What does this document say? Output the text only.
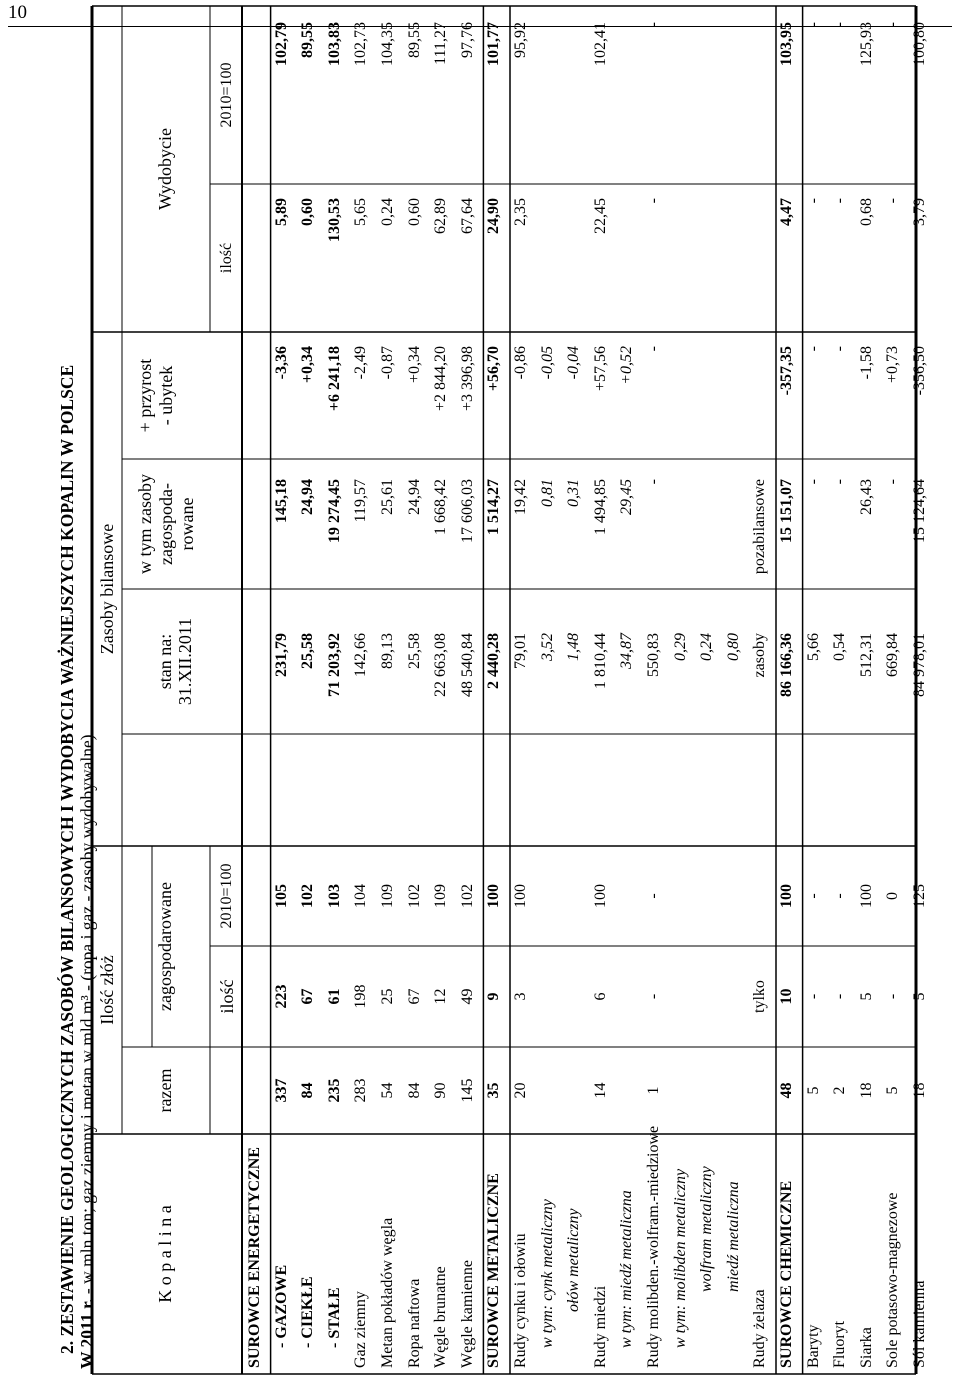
10
2. ZESTAWIENIE GEOLOGICZNYCH ZASOBÓW BILANSOWYCH I WYDOBYCIA WAŻNIEJSZYCH KOPALIN W POLSCE W 2011 r. - w mln ton; gaz ziemny i metan w mld m³ - (ropa i gaz - zasoby wydobywalne)	K o p a l i n a
Ilość złóż
razem
zagospodarowane ilość
2010=100
Zasoby bilansowe
stan na: 31.XII.2011
w tym zasoby zagospoda- rowane
+ przyrost - ubytek
Wydobycie
ilość
2010=100
SUROWCE ENERGETYCZNE - GAZOWE
337
223
105
231,79
145,18
-3,36
5,89
102,79
- CIEKŁE
84
67
102
25,58
24,94
+0,34
0,60
89,55
- STAŁE
235
61
103
71 203,92
19 274,45
+6 241,18
130,53
103,83
Gaz ziemny
283
198
104
142,66
119,57
-2,49
5,65
102,73
Metan pokładów węgla
54
25
109
89,13
25,61
-0,87
0,24
104,35
Ropa naftowa
84
67
102
25,58
24,94
+0,34
0,60
89,55
Węgle brunatne
90
12
109
22 663,08
1 668,42
+2 844,20
62,89
111,27
Węgle kamienne
145
49
102
48 540,84
17 606,03
+3 396,98
67,64
97,76
SUROWCE METALICZNE
35
9
100
2 440,28
1 514,27
+56,70
24,90
101,77
Rudy cynku i ołowiu
20
3
100
79,01
19,42
-0,86
2,35
95,92
w tym: cynk metaliczny
3,52
0,81
-0,05
ołów metaliczny
1,48
0,31
-0,04
Rudy miedzi
14
6
100
1 810,44
1 494,85
+57,56
22,45
102,41
w tym: miedź metaliczna
34,87
29,45
+0,52
Rudy molibden.-wolfram.-miedziowe
1
-
-
550,83
-
-
-
-
w tym: molibden metaliczny
0,29
wolfram metaliczny
0,24
miedź metaliczna
0,80
Rudy żelaza
tylko
zasoby
pozabilansowe
SUROWCE CHEMICZNE
48
10
100
86 166,36
15 151,07
-357,35
4,47
103,95
Baryty
5
-
-
5,66
-
-
-
-
Fluoryt
2
-
-
0,54
-
-
-
-
Siarka
18
5
100
512,31
26,43
-1,58
0,68
125,93
Sole potasowo-magnezowe
5
-
0
669,84
-
+0,73
-
-
Sól kamienna
18
5
125
84 978,01
15 124,64
-356,50
3,79
100,80
